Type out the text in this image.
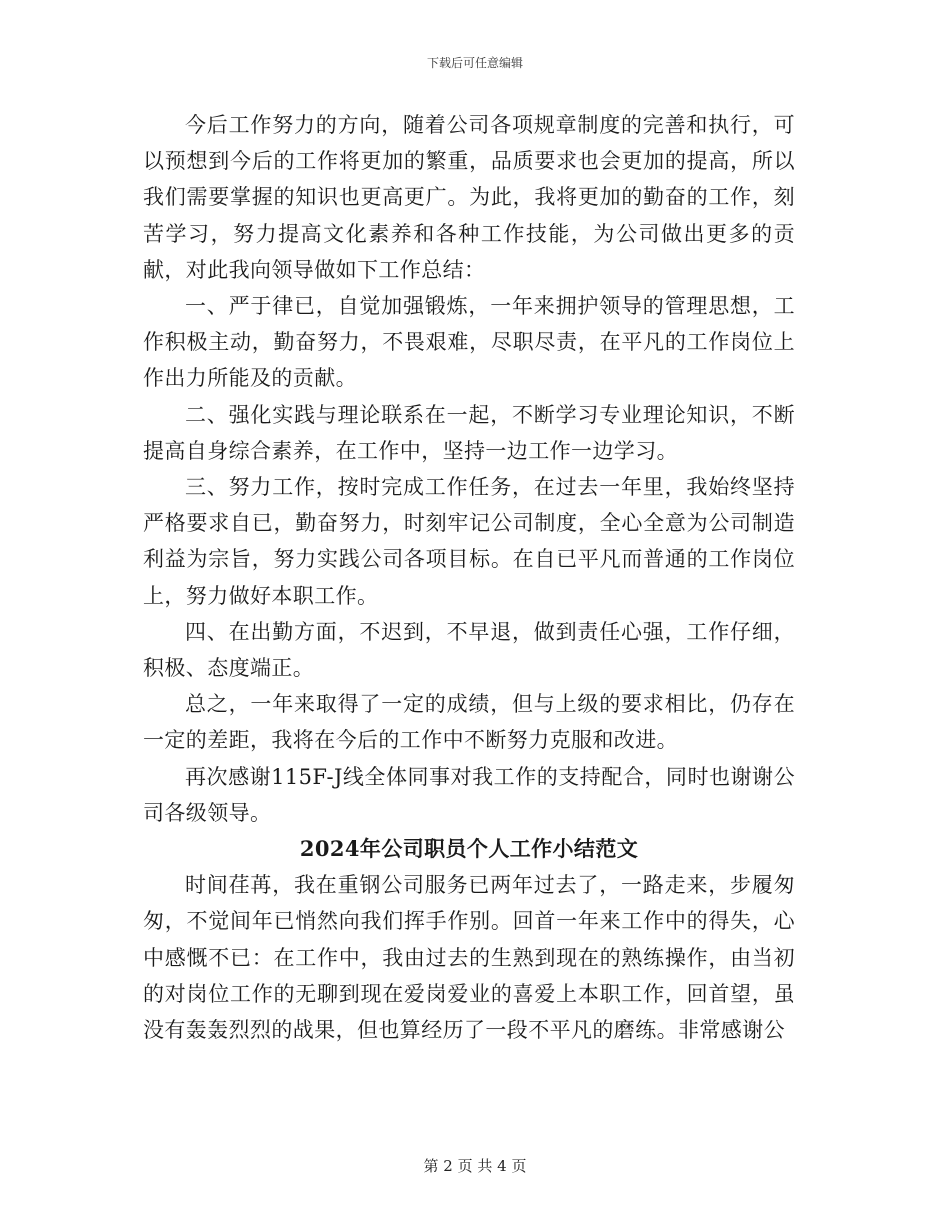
下载后可任意编辑

今后工作努力的方向，随着公司各项规章制度的完善和执行，可以预想到今后的工作将更加的繁重，品质要求也会更加的提高，所以我们需要掌握的知识也更高更广。为此，我将更加的勤奋的工作，刻苦学习，努力提高文化素养和各种工作技能，为公司做出更多的贡献，对此我向领导做如下工作总结：

一、严于律已，自觉加强锻炼，一年来拥护领导的管理思想，工作积极主动，勤奋努力，不畏艰难，尽职尽责，在平凡的工作岗位上作出力所能及的贡献。

二、强化实践与理论联系在一起，不断学习专业理论知识，不断提高自身综合素养，在工作中，坚持一边工作一边学习。

三、努力工作，按时完成工作任务，在过去一年里，我始终坚持严格要求自已，勤奋努力，时刻牢记公司制度，全心全意为公司制造利益为宗旨，努力实践公司各项目标。在自已平凡而普通的工作岗位上，努力做好本职工作。

四、在出勤方面，不迟到，不早退，做到责任心强，工作仔细，积极、态度端正。

总之，一年来取得了一定的成绩，但与上级的要求相比，仍存在一定的差距，我将在今后的工作中不断努力克服和改进。

再次感谢115F-J线全体同事对我工作的支持配合，同时也谢谢公司各级领导。

2024年公司职员个人工作小结范文

时间荏苒，我在重钢公司服务已两年过去了，一路走来，步履匆匆，不觉间年已悄然向我们挥手作别。回首一年来工作中的得失，心中感慨不已：在工作中，我由过去的生熟到现在的熟练操作，由当初的对岗位工作的无聊到现在爱岗爱业的喜爱上本职工作，回首望，虽没有轰轰烈烈的战果，但也算经历了一段不平凡的磨练。非常感谢公

第 2 页 共 4 页
